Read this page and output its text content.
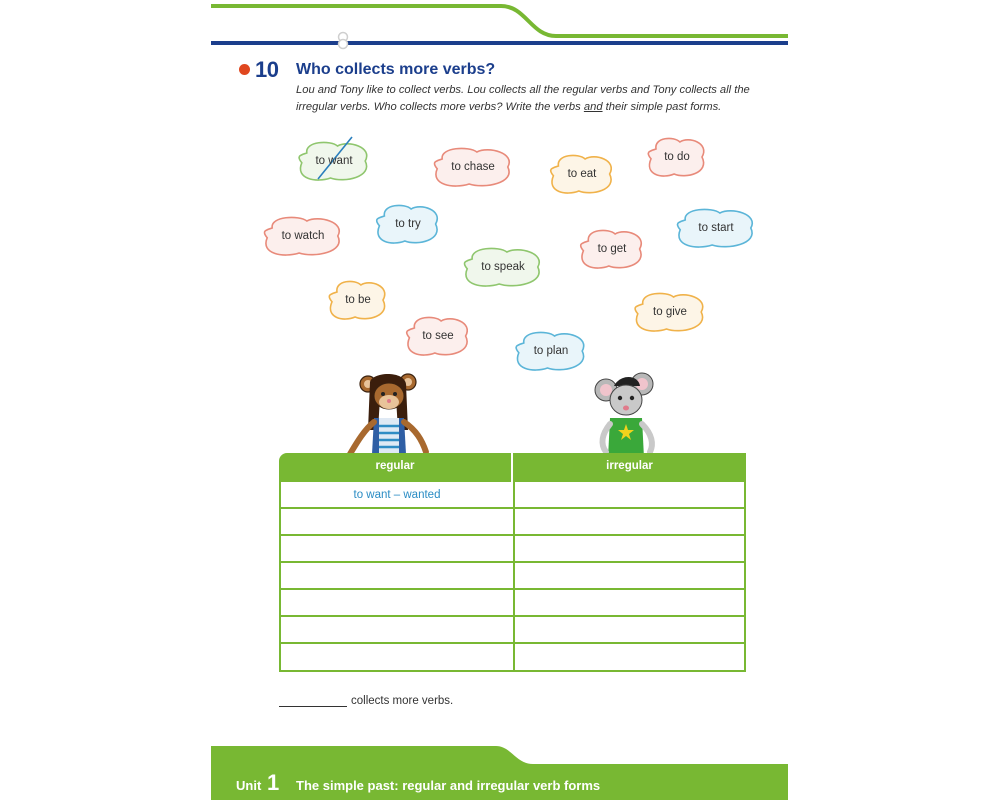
10 Who collects more verbs?
Lou and Tony like to collect verbs. Lou collects all the regular verbs and Tony collects all the irregular verbs. Who collects more verbs? Write the verbs and their simple past forms.
to want	to chase
to eat
to do
to watch
to try	to start
to get
to speak
to be
to give
to see
to plan
regular	irregular
to want – wanted
collects more verbs.
Unit 1 The simple past: regular and irregular verb forms
